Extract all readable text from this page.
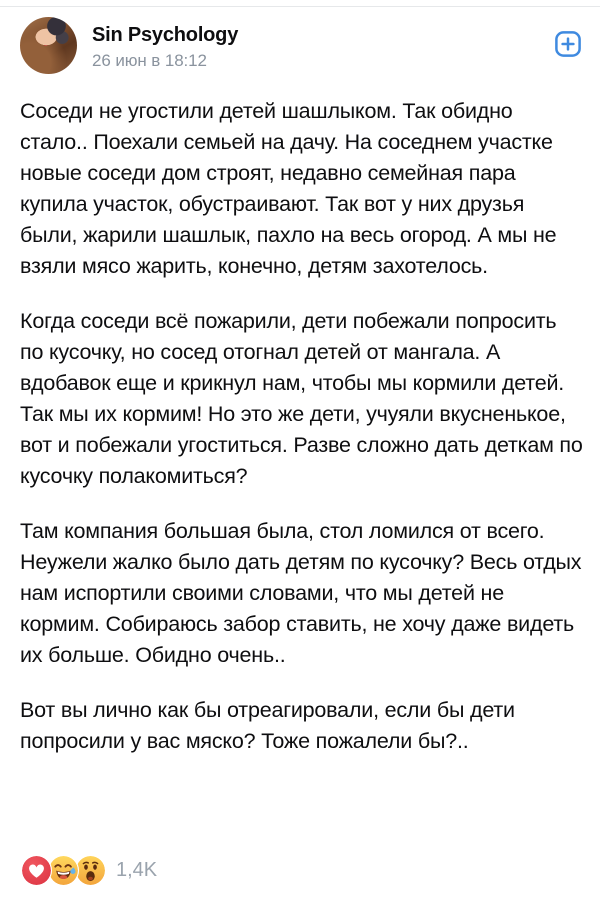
Sin Psychology
26 июн в 18:12

Соседи не угостили детей шашлыком. Так обидно стало.. Поехали семьей на дачу. На соседнем участке новые соседи дом строят, недавно семейная пара купила участок, обустраивают. Так вот у них друзья были, жарили шашлык, пахло на весь огород. А мы не взяли мясо жарить, конечно, детям захотелось.

Когда соседи всё пожарили, дети побежали попросить по кусочку, но сосед отогнал детей от мангала. А вдобавок еще и крикнул нам, чтобы мы кормили детей. Так мы их кормим! Но это же дети, учуяли вкусненькое, вот и побежали угоститься. Разве сложно дать деткам по кусочку полакомиться?

Там компания большая была, стол ломился от всего. Неужели жалко было дать детям по кусочку? Весь отдых нам испортили своими словами, что мы детей не кормим. Собираюсь забор ставить, не хочу даже видеть их больше. Обидно очень..

Вот вы лично как бы отреагировали, если бы дети попросили у вас мяско? Тоже пожалели бы?..

1,4K
